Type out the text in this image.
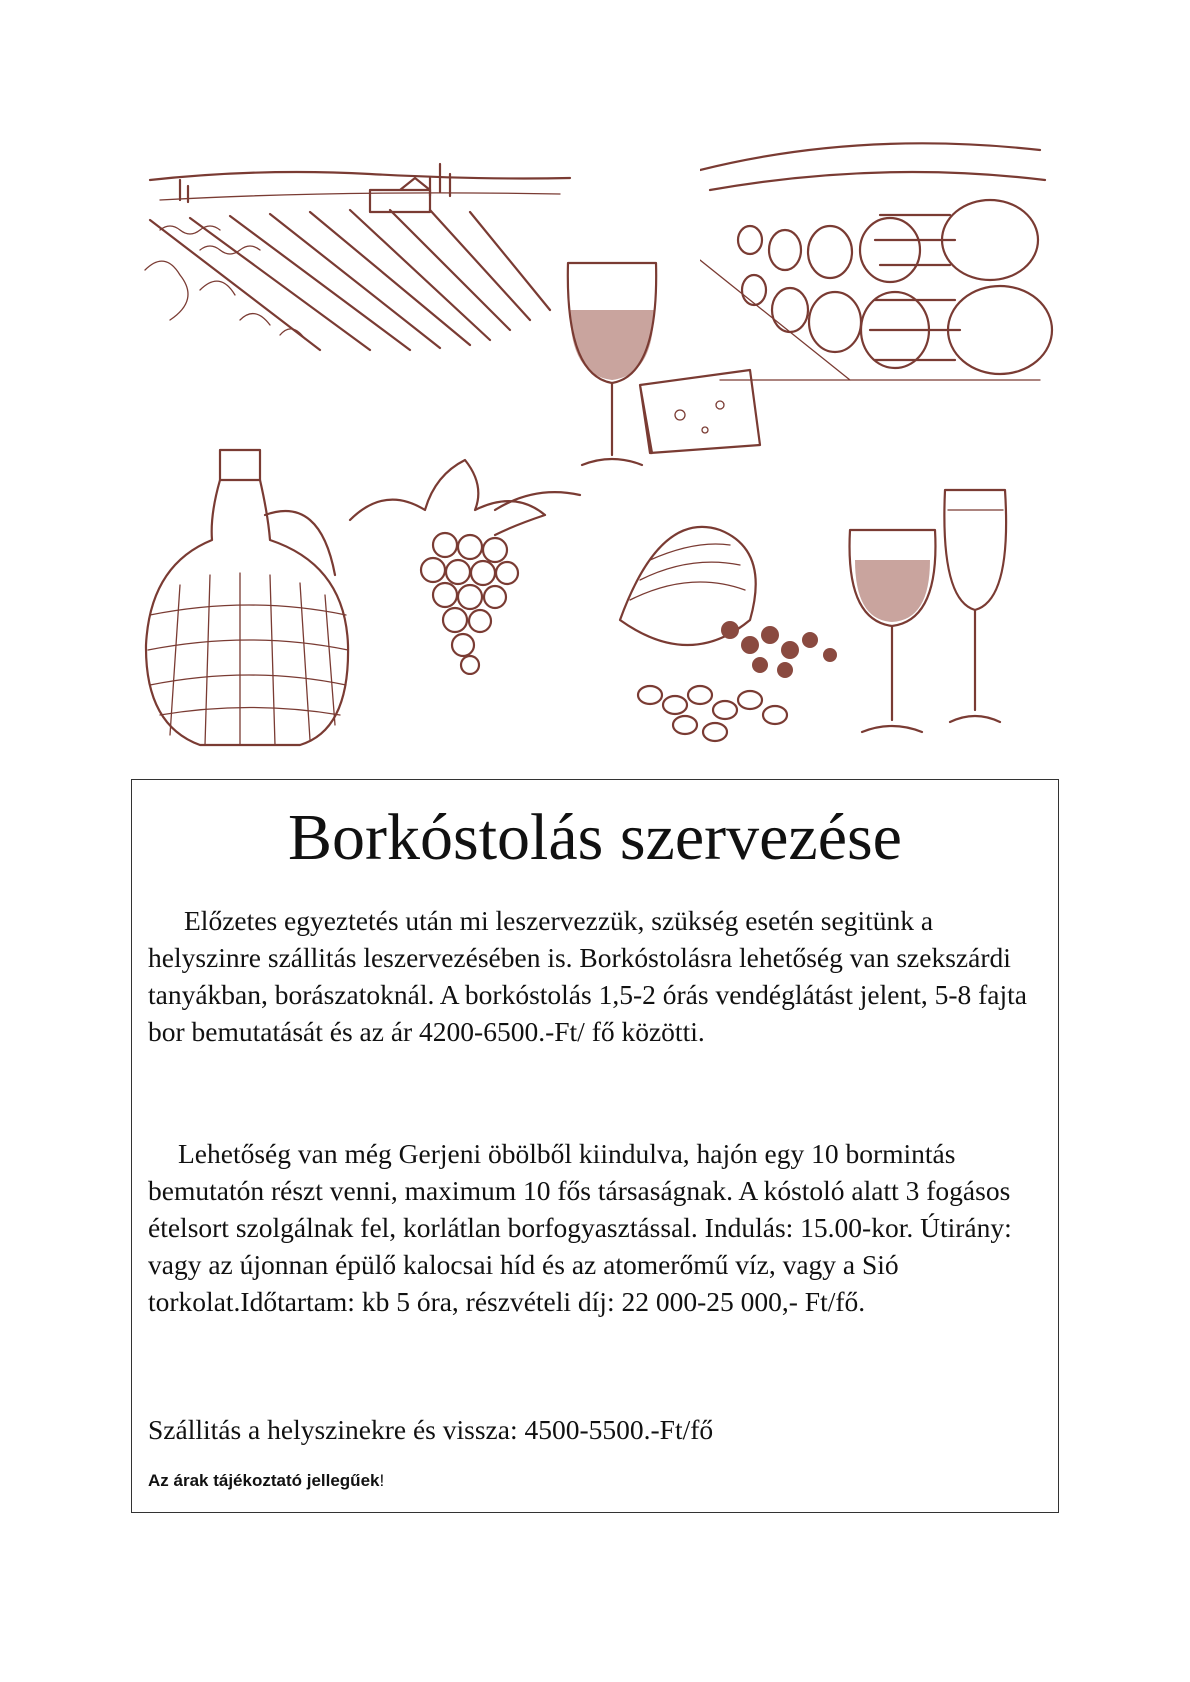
Borkóstolás szervezése

Előzetes egyeztetés után mi leszervezzük, szükség esetén segitünk a helyszinre szállitás leszervezésében is. Borkóstolásra lehetőség van szekszárdi tanyákban, borászatoknál. A borkóstolás 1,5-2 órás vendéglátást jelent, 5-8 fajta bor bemutatását és az ár 4200-6500.-Ft/ fő közötti.

Lehetőség van még Gerjeni öbölből kiindulva, hajón egy 10 bormintás bemutatón részt venni, maximum 10 fős társaságnak. A kóstoló alatt 3 fogásos ételsort szolgálnak fel, korlátlan borfogyasztással. Indulás: 15.00-kor. Útirány: vagy az újonnan épülő kalocsai híd és az atomerőmű víz, vagy a Sió torkolat.Időtartam: kb 5 óra, részvételi díj: 22 000-25 000,- Ft/fő.

Szállitás a helyszinekre és vissza: 4500-5500.-Ft/fő

Az árak tájékoztató jellegűek!
